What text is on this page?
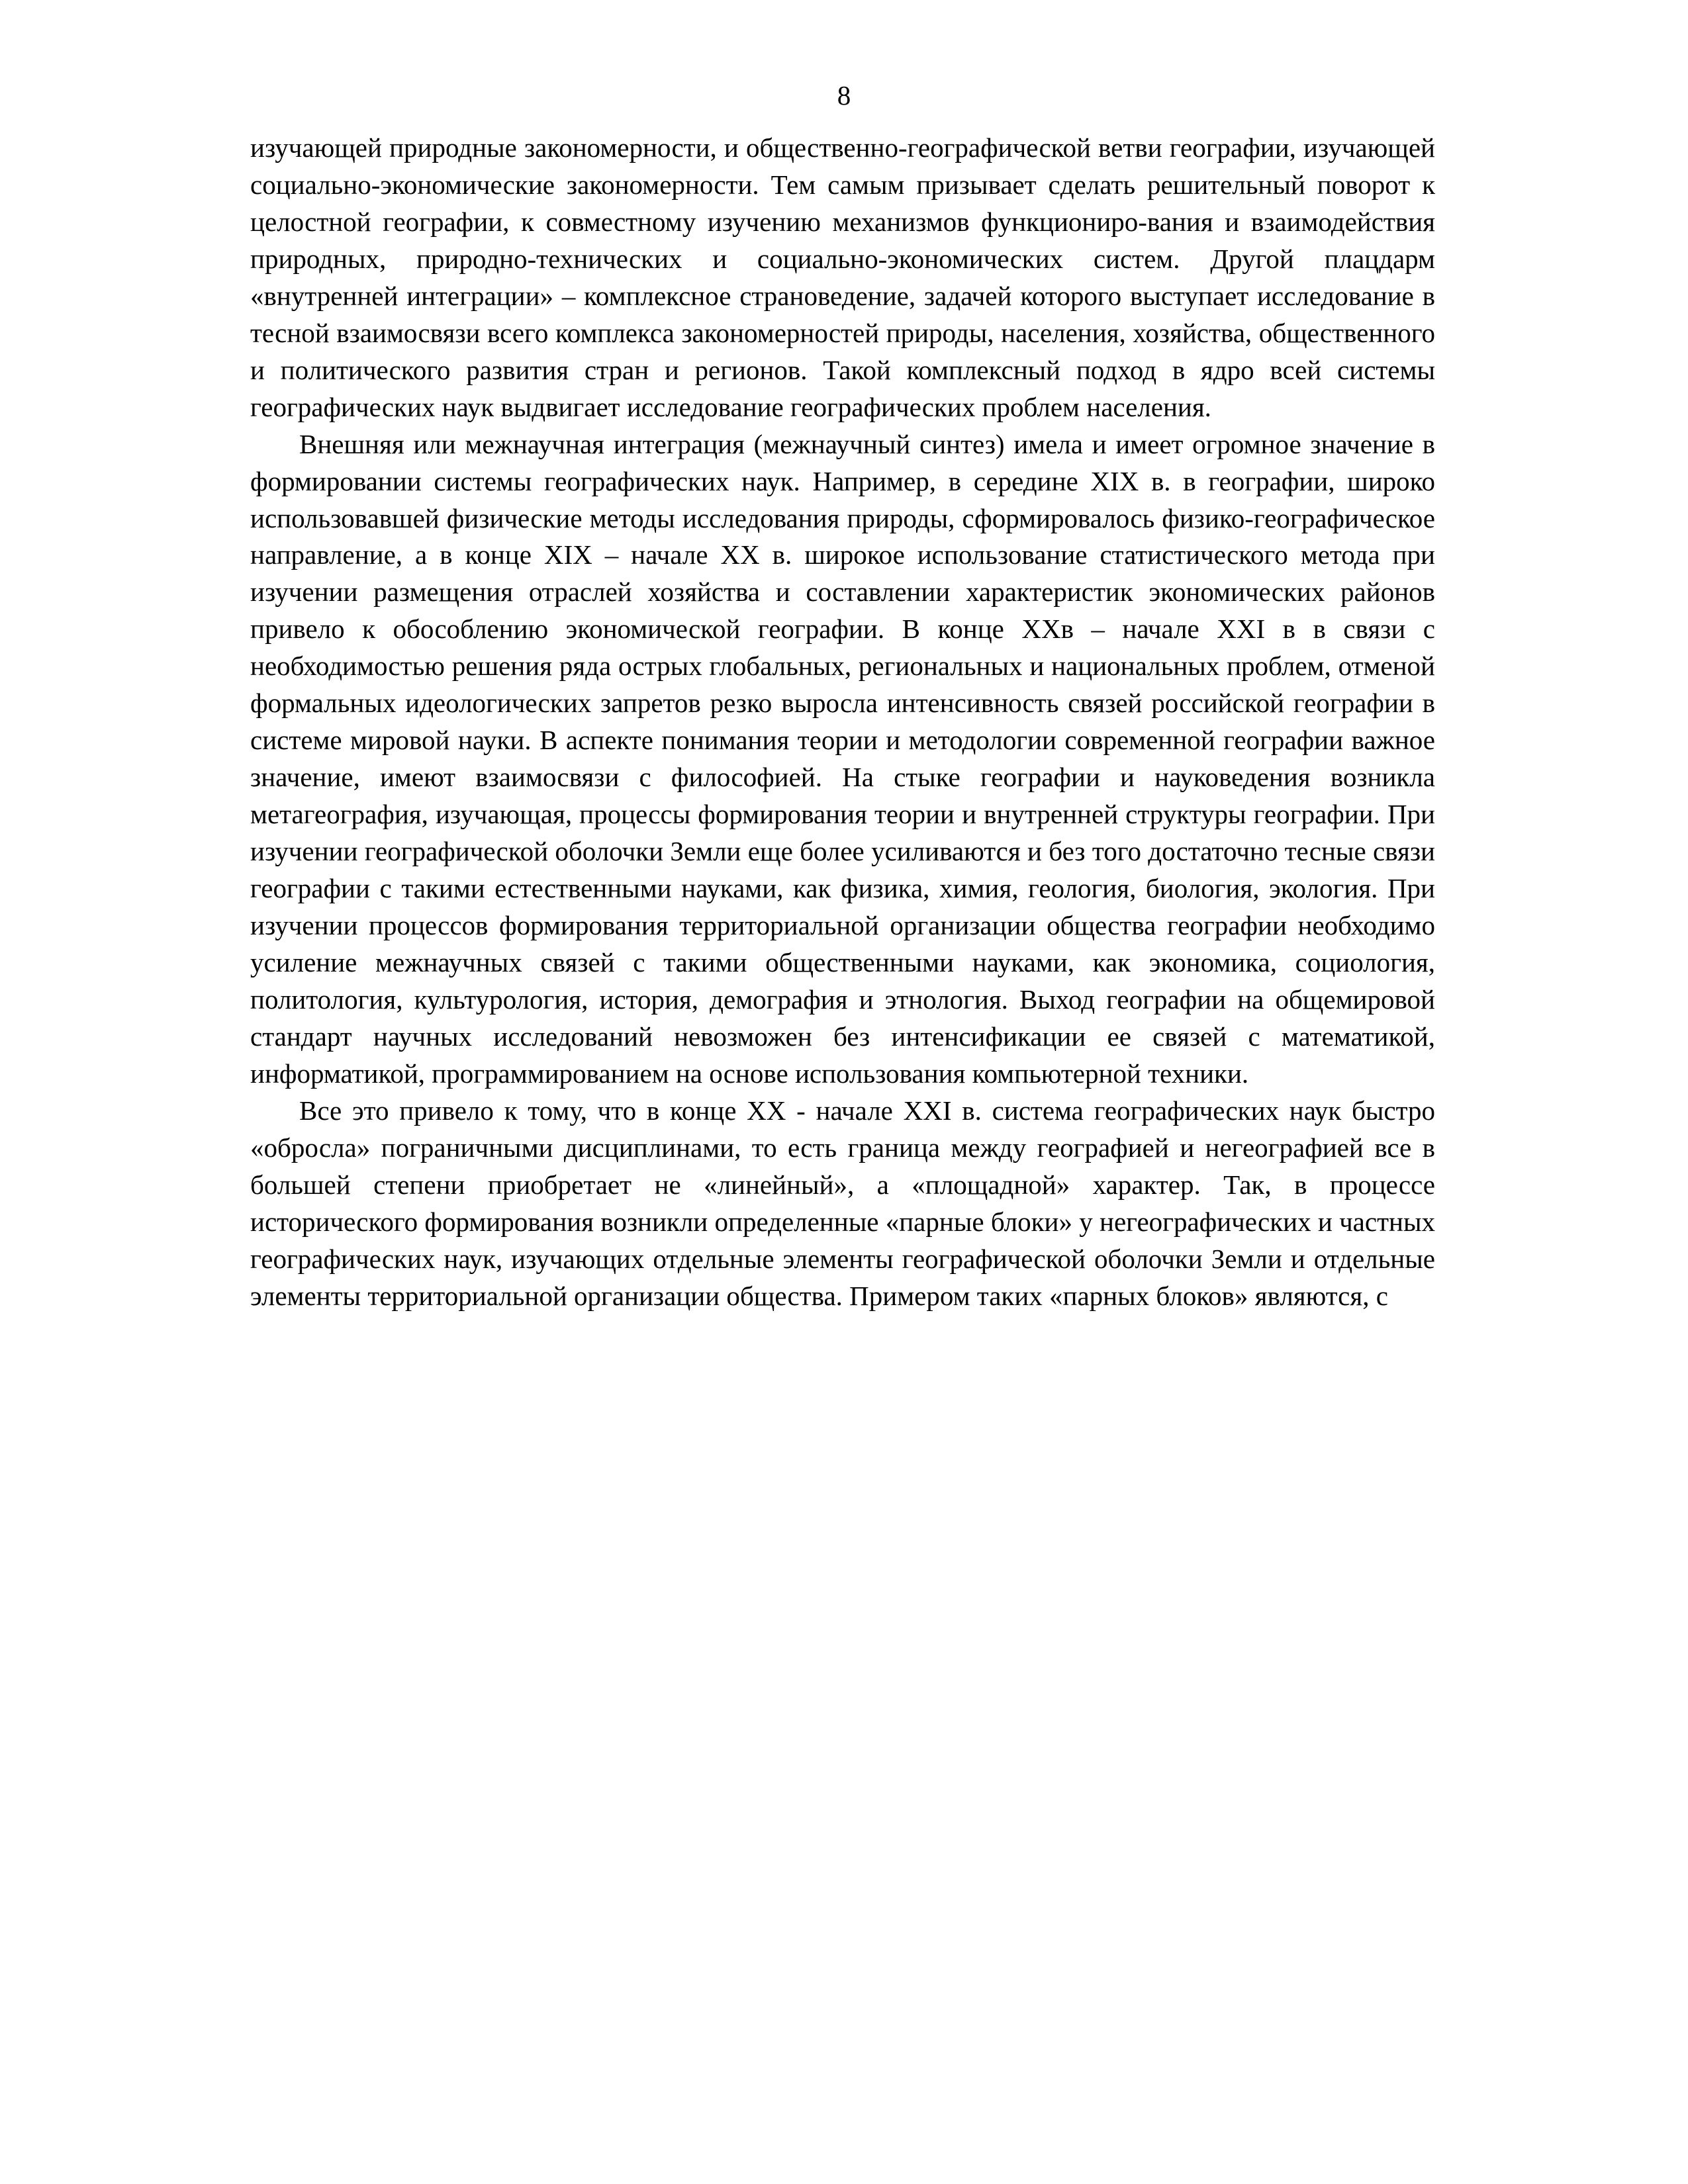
8

изучающей природные закономерности, и общественно-географической ветви географии, изучающей социально-экономические закономерности. Тем самым призывает сделать решительный поворот к целостной географии, к совместному изучению механизмов функциониро-вания и взаимодействия природных, природно-технических и социально-экономических систем. Другой плацдарм «внутренней интеграции» – комплексное страноведение, задачей которого выступает исследование в тесной взаимосвязи всего комплекса закономерностей природы, населения, хозяйства, общественного и политического развития стран и регионов. Такой комплексный подход в ядро всей системы географических наук выдвигает исследование географических проблем населения.

Внешняя или межнаучная интеграция (межнаучный синтез) имела и имеет огромное значение в формировании системы географических наук. Например, в середине XIX в. в географии, широко использовавшей физические методы исследования природы, сформировалось физико-географическое направление, а в конце XIX – начале XX в. широкое использование статистического метода при изучении размещения отраслей хозяйства и составлении характеристик экономических районов привело к обособлению экономической географии. В конце XXв – начале XXI в в связи с необходимостью решения ряда острых глобальных, региональных и национальных проблем, отменой формальных идеологических запретов резко выросла интенсивность связей российской географии в системе мировой науки. В аспекте понимания теории и методологии современной географии важное значение, имеют взаимосвязи с философией. На стыке географии и науковедения возникла метагеография, изучающая, процессы формирования теории и внутренней структуры географии. При изучении географической оболочки Земли еще более усиливаются и без того достаточно тесные связи географии с такими естественными науками, как физика, химия, геология, биология, экология. При изучении процессов формирования территориальной организации общества географии необходимо усиление межнаучных связей с такими общественными науками, как экономика, социология, политология, культурология, история, демография и этнология. Выход географии на общемировой стандарт научных исследований невозможен без интенсификации ее связей с математикой, информатикой, программированием на основе использования компьютерной техники.

Все это привело к тому, что в конце XX - начале XXI в. система географических наук быстро «обросла» пограничными дисциплинами, то есть граница между географией и негеографией все в большей степени приобретает не «линейный», а «площадной» характер. Так, в процессе исторического формирования возникли определенные «парные блоки» у негеографических и частных географических наук, изучающих отдельные элементы географической оболочки Земли и отдельные элементы территориальной организации общества. Примером таких «парных блоков» являются, с
